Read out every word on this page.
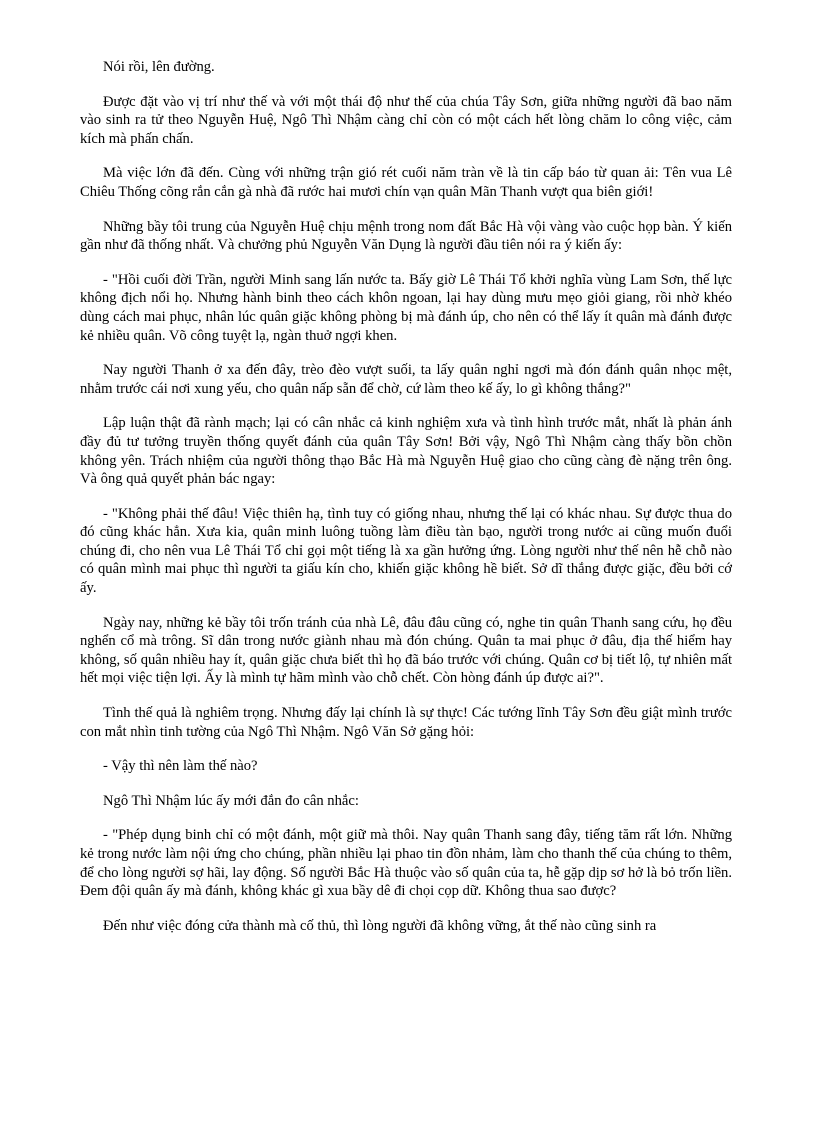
Nói rồi, lên đường.

Được đặt vào vị trí như thế và với một thái độ như thế của chúa Tây Sơn, giữa những người đã bao năm vào sinh ra tử theo Nguyễn Huệ, Ngô Thì Nhậm càng chỉ còn có một cách hết lòng chăm lo công việc, cảm kích mà phấn chấn.

Mà việc lớn đã đến. Cùng với những trận gió rét cuối năm tràn về là tin cấp báo từ quan ải: Tên vua Lê Chiêu Thống cõng rắn cắn gà nhà đã rước hai mươi chín vạn quân Mãn Thanh vượt qua biên giới!

Những bầy tôi trung của Nguyễn Huệ chịu mệnh trong nom đất Bắc Hà vội vàng vào cuộc họp bàn. Ý kiến gần như đã thống nhất. Và chưởng phủ Nguyễn Văn Dụng là người đầu tiên nói ra ý kiến ấy:

- "Hồi cuối đời Trần, người Minh sang lấn nước ta. Bấy giờ Lê Thái Tổ khởi nghĩa vùng Lam Sơn, thế lực không địch nổi họ. Nhưng hành binh theo cách khôn ngoan, lại hay dùng mưu mẹo giỏi giang, rồi nhờ khéo dùng cách mai phục, nhân lúc quân giặc không phòng bị mà đánh úp, cho nên có thể lấy ít quân mà đánh được kẻ nhiều quân. Võ công tuyệt lạ, ngàn thuở ngợi khen.

Nay người Thanh ở xa đến đây, trèo đèo vượt suối, ta lấy quân nghỉ ngơi mà đón đánh quân nhọc mệt, nhằm trước cái nơi xung yếu, cho quân nấp sẵn để chờ, cứ làm theo kế ấy, lo gì không thắng?"

Lập luận thật đã rành mạch; lại có cân nhắc cả kinh nghiệm xưa và tình hình trước mắt, nhất là phản ánh đầy đủ tư tưởng truyền thống quyết đánh của quân Tây Sơn! Bởi vậy, Ngô Thì Nhậm càng thấy bồn chồn không yên. Trách nhiệm của người thông thạo Bắc Hà mà Nguyễn Huệ giao cho cũng càng đè nặng trên ông. Và ông quả quyết phản bác ngay:

- "Không phải thế đâu! Việc thiên hạ, tình tuy có giống nhau, nhưng thế lại có khác nhau. Sự được thua do đó cũng khác hẳn. Xưa kia, quân minh luông tuồng làm điều tàn bạo, người trong nước ai cũng muốn đuổi chúng đi, cho nên vua Lê Thái Tổ chỉ gọi một tiếng là xa gần hưởng ứng. Lòng người như thế nên hễ chỗ nào có quân mình mai phục thì người ta giấu kín cho, khiến giặc không hề biết. Sở dĩ thắng được giặc, đều bởi cớ ấy.

Ngày nay, những kẻ bầy tôi trốn tránh của nhà Lê, đâu đâu cũng có, nghe tin quân Thanh sang cứu, họ đều nghển cổ mà trông. Sĩ dân trong nước giành nhau mà đón chúng. Quân ta mai phục ở đâu, địa thế hiểm hay không, số quân nhiều hay ít, quân giặc chưa biết thì họ đã báo trước với chúng. Quân cơ bị tiết lộ, tự nhiên mất hết mọi việc tiện lợi. Ấy là mình tự hãm mình vào chỗ chết. Còn hòng đánh úp được ai?".

Tình thế quả là nghiêm trọng. Nhưng đấy lại chính là sự thực! Các tướng lĩnh Tây Sơn đều giật mình trước con mắt nhìn tinh tường của Ngô Thì Nhậm. Ngô Văn Sở gặng hỏi:

- Vậy thì nên làm thế nào?

Ngô Thì Nhậm lúc ấy mới đắn đo cân nhắc:

- "Phép dụng binh chỉ có một đánh, một giữ mà thôi. Nay quân Thanh sang đây, tiếng tăm rất lớn. Những kẻ trong nước làm nội ứng cho chúng, phần nhiều lại phao tin đồn nhảm, làm cho thanh thế của chúng to thêm, để cho lòng người sợ hãi, lay động. Số người Bắc Hà thuộc vào số quân của ta, hễ gặp dịp sơ hở là bỏ trốn liền. Đem đội quân ấy mà đánh, không khác gì xua bầy dê đi chọi cọp dữ. Không thua sao được?

Đến như việc đóng cửa thành mà cố thủ, thì lòng người đã không vững, ắt thế nào cũng sinh ra
